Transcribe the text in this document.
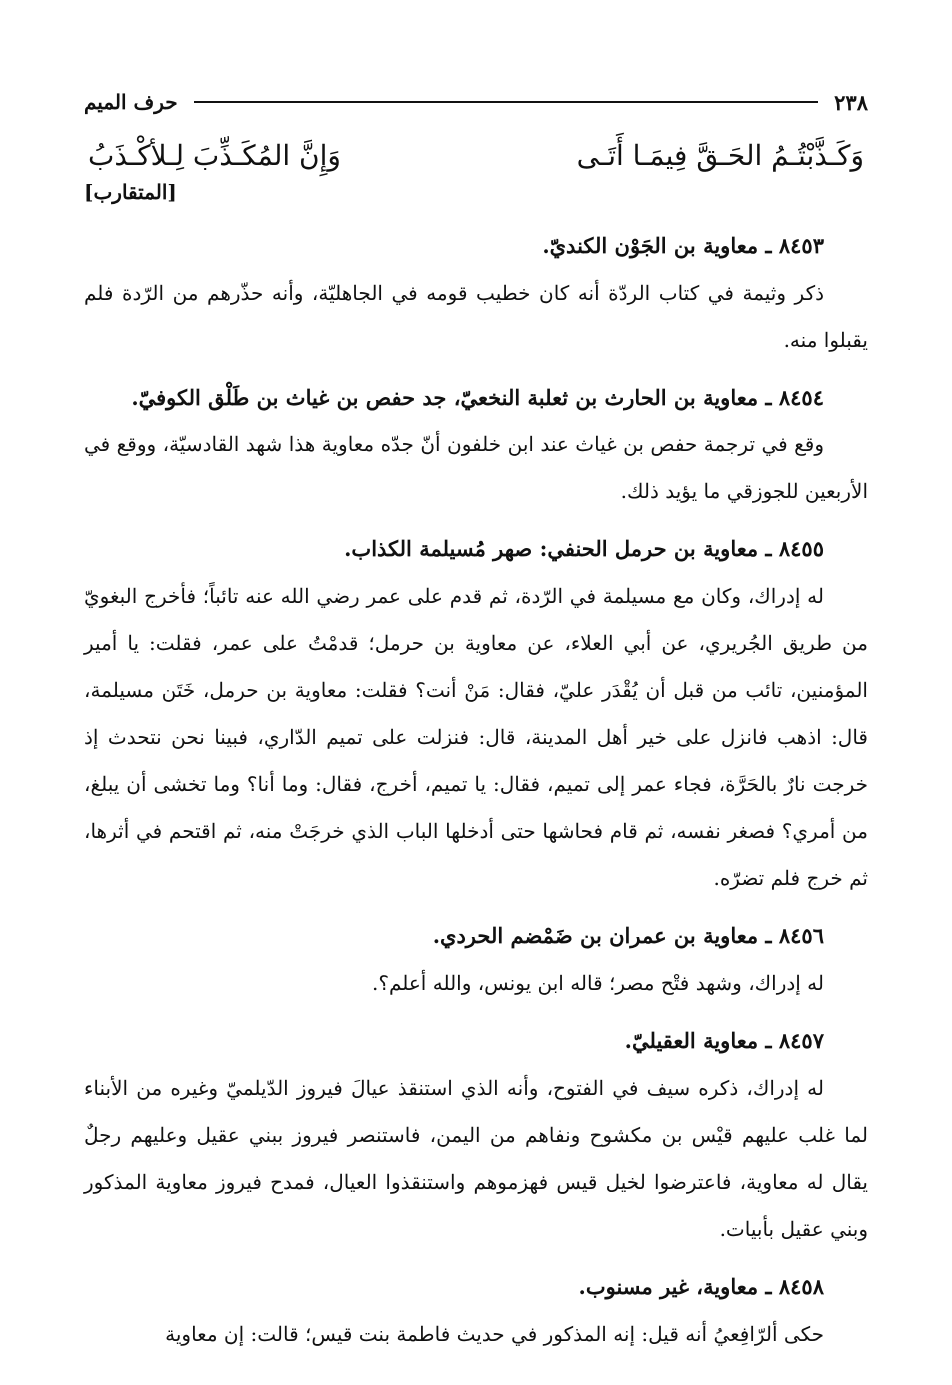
٢٣٨
حرف الميم
وَكَـذَّبْتُـمُ الحَـقَّ فِيمَـا أَتَـى
وَإِنَّ المُكَـذِّبَ لِـلأكْـذَبُ
[المتقارب]
٨٤٥٣ ـ معاوية بن الجَوْن الكنديّ.

ذكر وثيمة في كتاب الردّة أنه كان خطيب قومه في الجاهليّة، وأنه حذّرهم من الرّدة فلم يقبلوا منه.

٨٤٥٤ ـ معاوية بن الحارث بن ثعلبة النخعيّ، جد حفص بن غياث بن طَلْق الكوفيّ.

وقع في ترجمة حفص بن غياث عند ابن خلفون أنّ جدّه معاوية هذا شهد القادسيّة، ووقع في الأربعين للجوزقي ما يؤيد ذلك.

٨٤٥٥ ـ معاوية بن حرمل الحنفي: صهر مُسيلمة الكذاب.

له إدراك، وكان مع مسيلمة في الرّدة، ثم قدم على عمر رضي الله عنه تائباً؛ فأخرج البغويّ من طريق الجُريري، عن أبي العلاء، عن معاوية بن حرمل؛ قدمْتُ على عمر، فقلت: يا أمير المؤمنين، تائب من قبل أن يُقْدَر عليّ، فقال: مَنْ أنت؟ فقلت: معاوية بن حرمل، خَتَن مسيلمة، قال: اذهب فانزل على خير أهل المدينة، قال: فنزلت على تميم الدّاري، فبينا نحن نتحدث إذ خرجت نارٌ بالحَرَّة، فجاء عمر إلى تميم، فقال: يا تميم، أخرج، فقال: وما أنا؟ وما تخشى أن يبلغ، من أمري؟ فصغر نفسه، ثم قام فحاشها حتى أدخلها الباب الذي خرجَتْ منه، ثم اقتحم في أثرها، ثم خرج فلم تضرّه.

٨٤٥٦ ـ معاوية بن عمران بن ضَمْضم الحردي.

له إدراك، وشهد فتْح مصر؛ قاله ابن يونس، والله أعلم؟.

٨٤٥٧ ـ معاوية العقيليّ.

له إدراك، ذكره سيف في الفتوح، وأنه الذي استنقذ عيالَ فيروز الدّيلميّ وغيره من الأبناء لما غلب عليهم قيْس بن مكشوح ونفاهم من اليمن، فاستنصر فيروز ببني عقيل وعليهم رجلٌ يقال له معاوية، فاعترضوا لخيل قيس فهزموهم واستنقذوا العيال، فمدح فيروز معاوية المذكور وبني عقيل بأبيات.

٨٤٥٨ ـ معاوية، غير مسنوب.

حكى ألرّافِعيُ أنه قيل: إنه المذكور في حديث فاطمة بنت قيس؛ قالت: إن معاوية
